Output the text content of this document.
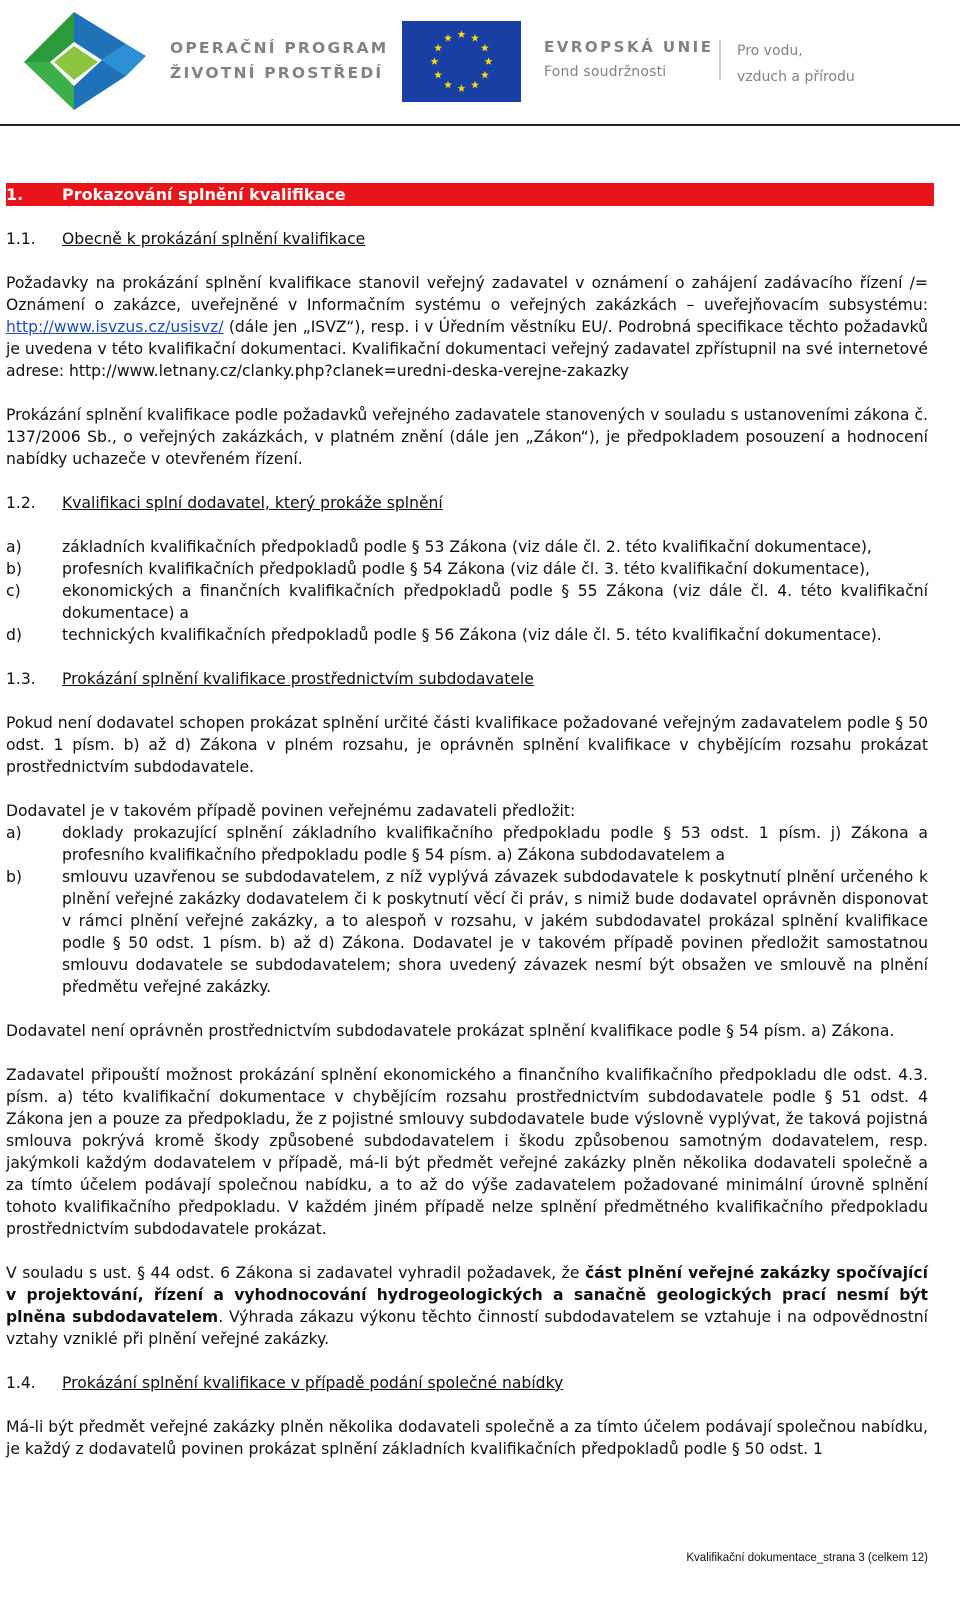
OPERAČNÍ PROGRAM
ŽIVOTNÍ PROSTŘEDÍ
EVROPSKÁ UNIE
Fond soudržnosti
Pro vodu,
vzduch a přírodu
1. Prokazování splnění kvalifikace
1.1. Obecně k prokázání splnění kvalifikace

Požadavky na prokázání splnění kvalifikace stanovil veřejný zadavatel v oznámení o zahájení zadávacího řízení /= Oznámení o zakázce, uveřejněné v Informačním systému o veřejných zakázkách – uveřejňovacím subsystému: http://www.isvzus.cz/usisvz/ (dále jen „ISVZ“), resp. i v Úředním věstníku EU/. Podrobná specifikace těchto požadavků je uvedena v této kvalifikační dokumentaci. Kvalifikační dokumentaci veřejný zadavatel zpřístupnil na své internetové adrese: http://www.letnany.cz/clanky.php?clanek=uredni-deska-verejne-zakazky

Prokázání splnění kvalifikace podle požadavků veřejného zadavatele stanovených v souladu s ustanoveními zákona č. 137/2006 Sb., o veřejných zakázkách, v platném znění (dále jen „Zákon“), je předpokladem posouzení a hodnocení nabídky uchazeče v otevřeném řízení.

1.2. Kvalifikaci splní dodavatel, který prokáže splnění
a)	základních kvalifikačních předpokladů podle § 53 Zákona (viz dále čl. 2. této kvalifikační dokumentace),
b)	profesních kvalifikačních předpokladů podle § 54 Zákona (viz dále čl. 3. této kvalifikační dokumentace),
c)	ekonomických a finančních kvalifikačních předpokladů podle § 55 Zákona (viz dále čl. 4. této kvalifikační dokumentace) a
d)	technických kvalifikačních předpokladů podle § 56 Zákona (viz dále čl. 5. této kvalifikační dokumentace).
1.3. Prokázání splnění kvalifikace prostřednictvím subdodavatele

Pokud není dodavatel schopen prokázat splnění určité části kvalifikace požadované veřejným zadavatelem podle § 50 odst. 1 písm. b) až d) Zákona v plném rozsahu, je oprávněn splnění kvalifikace v chybějícím rozsahu prokázat prostřednictvím subdodavatele.

Dodavatel je v takovém případě povinen veřejnému zadavateli předložit:

a)	doklady prokazující splnění základního kvalifikačního předpokladu podle § 53 odst. 1 písm. j) Zákona a profesního kvalifikačního předpokladu podle § 54 písm. a) Zákona subdodavatelem a
b)	smlouvu uzavřenou se subdodavatelem, z níž vyplývá závazek subdodavatele k poskytnutí plnění určeného k plnění veřejné zakázky dodavatelem či k poskytnutí věcí či práv, s nimiž bude dodavatel oprávněn disponovat v rámci plnění veřejné zakázky, a to alespoň v rozsahu, v jakém subdodavatel prokázal splnění kvalifikace podle § 50 odst. 1 písm. b) až d) Zákona. Dodavatel je v takovém případě povinen předložit samostatnou smlouvu dodavatele se subdodavatelem; shora uvedený závazek nesmí být obsažen ve smlouvě na plnění předmětu veřejné zakázky.

Dodavatel není oprávněn prostřednictvím subdodavatele prokázat splnění kvalifikace podle § 54 písm. a) Zákona.

Zadavatel připouští možnost prokázání splnění ekonomického a finančního kvalifikačního předpokladu dle odst. 4.3. písm. a) této kvalifikační dokumentace v chybějícím rozsahu prostřednictvím subdodavatele podle § 51 odst. 4 Zákona jen a pouze za předpokladu, že z pojistné smlouvy subdodavatele bude výslovně vyplývat, že taková pojistná smlouva pokrývá kromě škody způsobené subdodavatelem i škodu způsobenou samotným dodavatelem, resp. jakýmkoli každým dodavatelem v případě, má-li být předmět veřejné zakázky plněn několika dodavateli společně a za tímto účelem podávají společnou nabídku, a to až do výše zadavatelem požadované minimální úrovně splnění tohoto kvalifikačního předpokladu. V každém jiném případě nelze splnění předmětného kvalifikačního předpokladu prostřednictvím subdodavatele prokázat.

V souladu s ust. § 44 odst. 6 Zákona si zadavatel vyhradil požadavek, že část plnění veřejné zakázky spočívající v projektování, řízení a vyhodnocování hydrogeologických a sanačně geologických prací nesmí být plněna subdodavatelem. Výhrada zákazu výkonu těchto činností subdodavatelem se vztahuje i na odpovědnostní vztahy vzniklé při plnění veřejné zakázky.

1.4. Prokázání splnění kvalifikace v případě podání společné nabídky

Má-li být předmět veřejné zakázky plněn několika dodavateli společně a za tímto účelem podávají společnou nabídku, je každý z dodavatelů povinen prokázat splnění základních kvalifikačních předpokladů podle § 50 odst. 1

Kvalifikační dokumentace_strana 3 (celkem 12)
